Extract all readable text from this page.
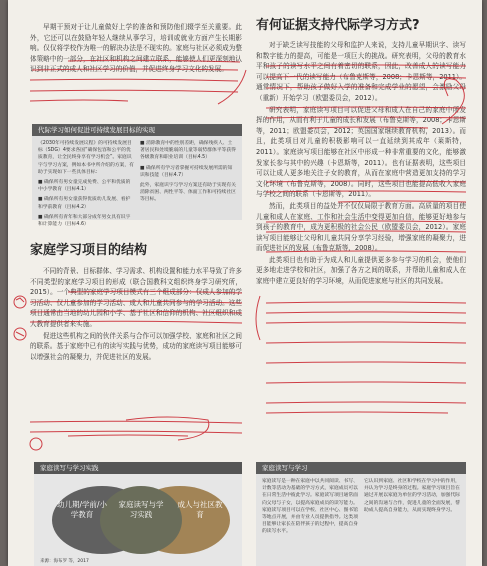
早期干预对于让儿童做好上学的准备和预防他们辍学至关重要。此外，它还可以在鼓励年轻人继续从事学习，培训或就业方面产生长期影响。仅仅将学校作为唯一的解决办法是不现实的。家庭与社区必须成为整体策略中的一部分，在社区和机构之间建立联系，能够使人们更深刻地认识到非正式的成人和社区学习的价值，并促进终身学习文化的发展。

代际学习如何促进可持续发展目标的实现

《2030年可持续发展议程》的可持续发展目标（SDG）4要求各国“确保包容和公平的优质教育，让全民终身享有学习机会”。家庭识字与学习方案，例如本书中所介绍的方案，有助于实现如下一些具体目标：

■ 确保所有男女童完成免费、公平和优质的中小学教育（目标4.1）

■ 确保所有男女童获得优质幼儿发展、看护和学前教育（目标4.2）

■ 确保所有青年和大部分成年男女具有识字和计算能力（目标4.6）

■ 消除教育中的性别差距，确保残疾人、土著居民和处境脆弱的儿童等弱势群体平等获得各级教育和职业培训（目标4.5）

■ 确保所有学习者掌握可持续发展所需的知识和技能（目标4.7）

此外，家庭识字与学习方案还有助于实现有关消除贫困、两性平等、体面工作和可持续社区等目标。

家庭学习项目的结构

不同的背景、目标群体、学习需求、机构设置和能力水平导致了许多不同类型的家庭学习项目的形成（联合国教科文组织终身学习研究所，2015）。一个典型的家庭学习项目模式有三个组成部分：仅成人参加的学习活动、仅儿童参加的学习活动、成人和儿童共同参与的学习活动。这些项目通常由当地的幼儿园和小学、基于社区和信仰的机构、社区组织和成人教育提供者来实施。

促进这些机构之间的伙伴关系与合作可以加强学校、家庭和社区之间的联系。基于家庭中已有的读写实践与优势，成功的家庭读写项目能够可以增强社会的凝聚力，并促进社区的发展。

家庭读写与学习实践
幼儿期/学前/小学教育
家庭读写与学习实践
成人与社区教育
来源：海布罗 等，2017
有何证据支持代际学习方式?

对于缺乏读写技能的父母和监护人来说，支持儿童早期识字、读写和数字能力的提高，可能是一项巨大的挑战。研究表明，父母的教育水平和孩子的读写水平之间有着密切的联系，因此，改善成人的读写能力可以提高下一代的读写能力（布鲁克斯等，2008；卡恩斯等，2011）。通常情况下，帮助孩子做好入学的准备和完成学业的愿望，会激励父母（重新）开始学习（欧盟委员会，2012）。

研究表明，家庭读写项目可以促进父母和成人在自己的家庭中所发挥的作用，从而有利于儿童的成长和发展（布鲁克斯等，2008；卡恩斯等，2011；欧盟委员会，2012；英国国家继续教育机构，2013）。而且，此类项目对儿童的积极影响可以一直延续到其成年（莱斯特，2011）。家庭读写项目能够在社区中形成一种非常重要的文化，能够激发家长参与其中的兴趣（卡恩斯等，2011）。也有证据表明，这些项目可以让成人更多地关注子女的教育，从而在家庭中营造更加支持的学习文化环境（布鲁克斯等，2008）。同时，这些项目也能提高低收入家庭与学校之间的联系（卡恩斯等，2011）。

然而，此类项目的益处并不仅仅局限于教育方面。高质量的项目使儿童和成人在家庭、工作和社会生活中变得更加自信，能够更好地参与到孩子的教育中，成为更积极的社会公民（欧盟委员会，2012）。家庭读写项目能够让父母和儿童共同分享学习经验，增强家庭的凝聚力，进而促进社区的发展（布鲁克斯等，2008）。

此类项目也有助于为成人和儿童提供更多参与学习的机会，使他们更多地走进学校和社区，加强了各方之间的联系，并帮助儿童和成人在家庭中建立更良好的学习环境，从而促进家庭与社区的共同发展。

家庭读写与学习
家庭读写是一种在家庭中以共同阅读、书写、计数等活动为基础的学习方式，家庭成员可以在日常生活中彼此学习。家庭读写项目通常面向父母与子女，以提高家庭成员的读写能力。家庭读写项目可以在学校、社区中心、图书馆等地点开展，并由专业人员提供指导。这类项目能够让家长在陪伴孩子的过程中，提高自身的读写水平。
它认识到家庭、社区和学校在学习中的作用，并认为学习是终身的过程。家庭学习项目旨在通过开展以家庭为单位的学习活动，加强代际之间的沟通与合作，促进儿童的全面发展，帮助成人提高自身能力，从而实现终身学习。
